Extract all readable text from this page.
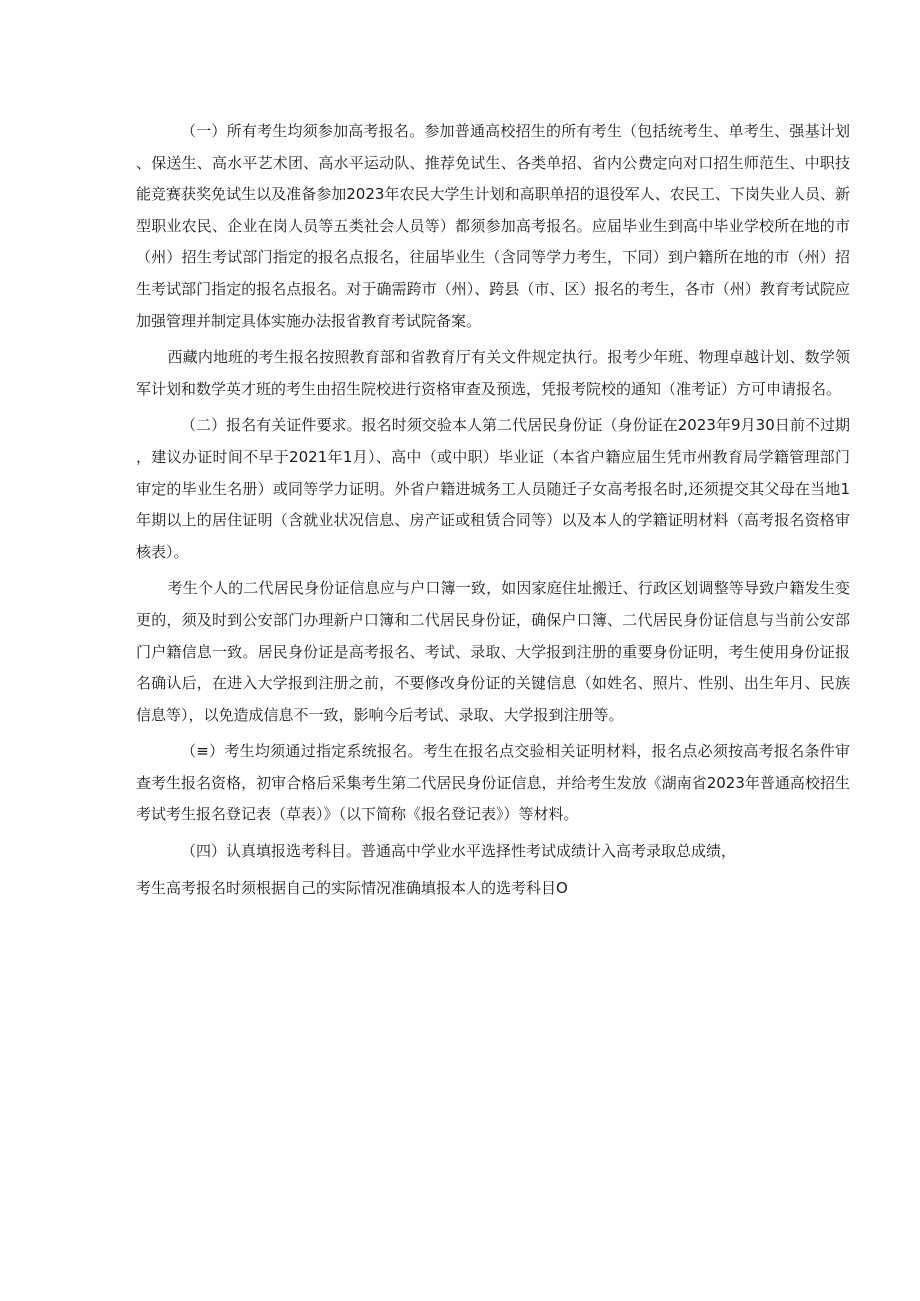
（一）所有考生均须参加高考报名。参加普通高校招生的所有考生（包括统考生、单考生、强基计划、保送生、高水平艺术团、高水平运动队、推荐免试生、各类单招、省内公费定向对口招生师范生、中职技能竞赛获奖免试生以及准备参加2023年农民大学生计划和高职单招的退役军人、农民工、下岗失业人员、新型职业农民、企业在岗人员等五类社会人员等）都须参加高考报名。应届毕业生到高中毕业学校所在地的市（州）招生考试部门指定的报名点报名，往届毕业生（含同等学力考生，下同）到户籍所在地的市（州）招生考试部门指定的报名点报名。对于确需跨市（州）、跨县（市、区）报名的考生，各市（州）教育考试院应加强管理并制定具体实施办法报省教育考试院备案。

西藏内地班的考生报名按照教育部和省教育厅有关文件规定执行。报考少年班、物理卓越计划、数学领军计划和数学英才班的考生由招生院校进行资格审查及预选，凭报考院校的通知（准考证）方可申请报名。

（二）报名有关证件要求。报名时须交验本人第二代居民身份证（身份证在2023年9月30日前不过期，建议办证时间不早于2021年1月）、高中（或中职）毕业证（本省户籍应届生凭市州教育局学籍管理部门审定的毕业生名册）或同等学力证明。外省户籍进城务工人员随迁子女高考报名时,还须提交其父母在当地1年期以上的居住证明（含就业状况信息、房产证或租赁合同等）以及本人的学籍证明材料（高考报名资格审核表）。

考生个人的二代居民身份证信息应与户口簿一致，如因家庭住址搬迁、行政区划调整等导致户籍发生变更的，须及时到公安部门办理新户口簿和二代居民身份证，确保户口簿、二代居民身份证信息与当前公安部门户籍信息一致。居民身份证是高考报名、考试、录取、大学报到注册的重要身份证明，考生使用身份证报名确认后，在进入大学报到注册之前，不要修改身份证的关键信息（如姓名、照片、性别、出生年月、民族信息等），以免造成信息不一致，影响今后考试、录取、大学报到注册等。

（≡）考生均须通过指定系统报名。考生在报名点交验相关证明材料，报名点必须按高考报名条件审查考生报名资格，初审合格后采集考生第二代居民身份证信息，并给考生发放《湖南省2023年普通高校招生考试考生报名登记表（草表）》（以下简称《报名登记表》）等材料。

（四）认真填报选考科目。普通高中学业水平选择性考试成绩计入高考录取总成绩，

考生高考报名时须根据自己的实际情况准确填报本人的选考科目O
